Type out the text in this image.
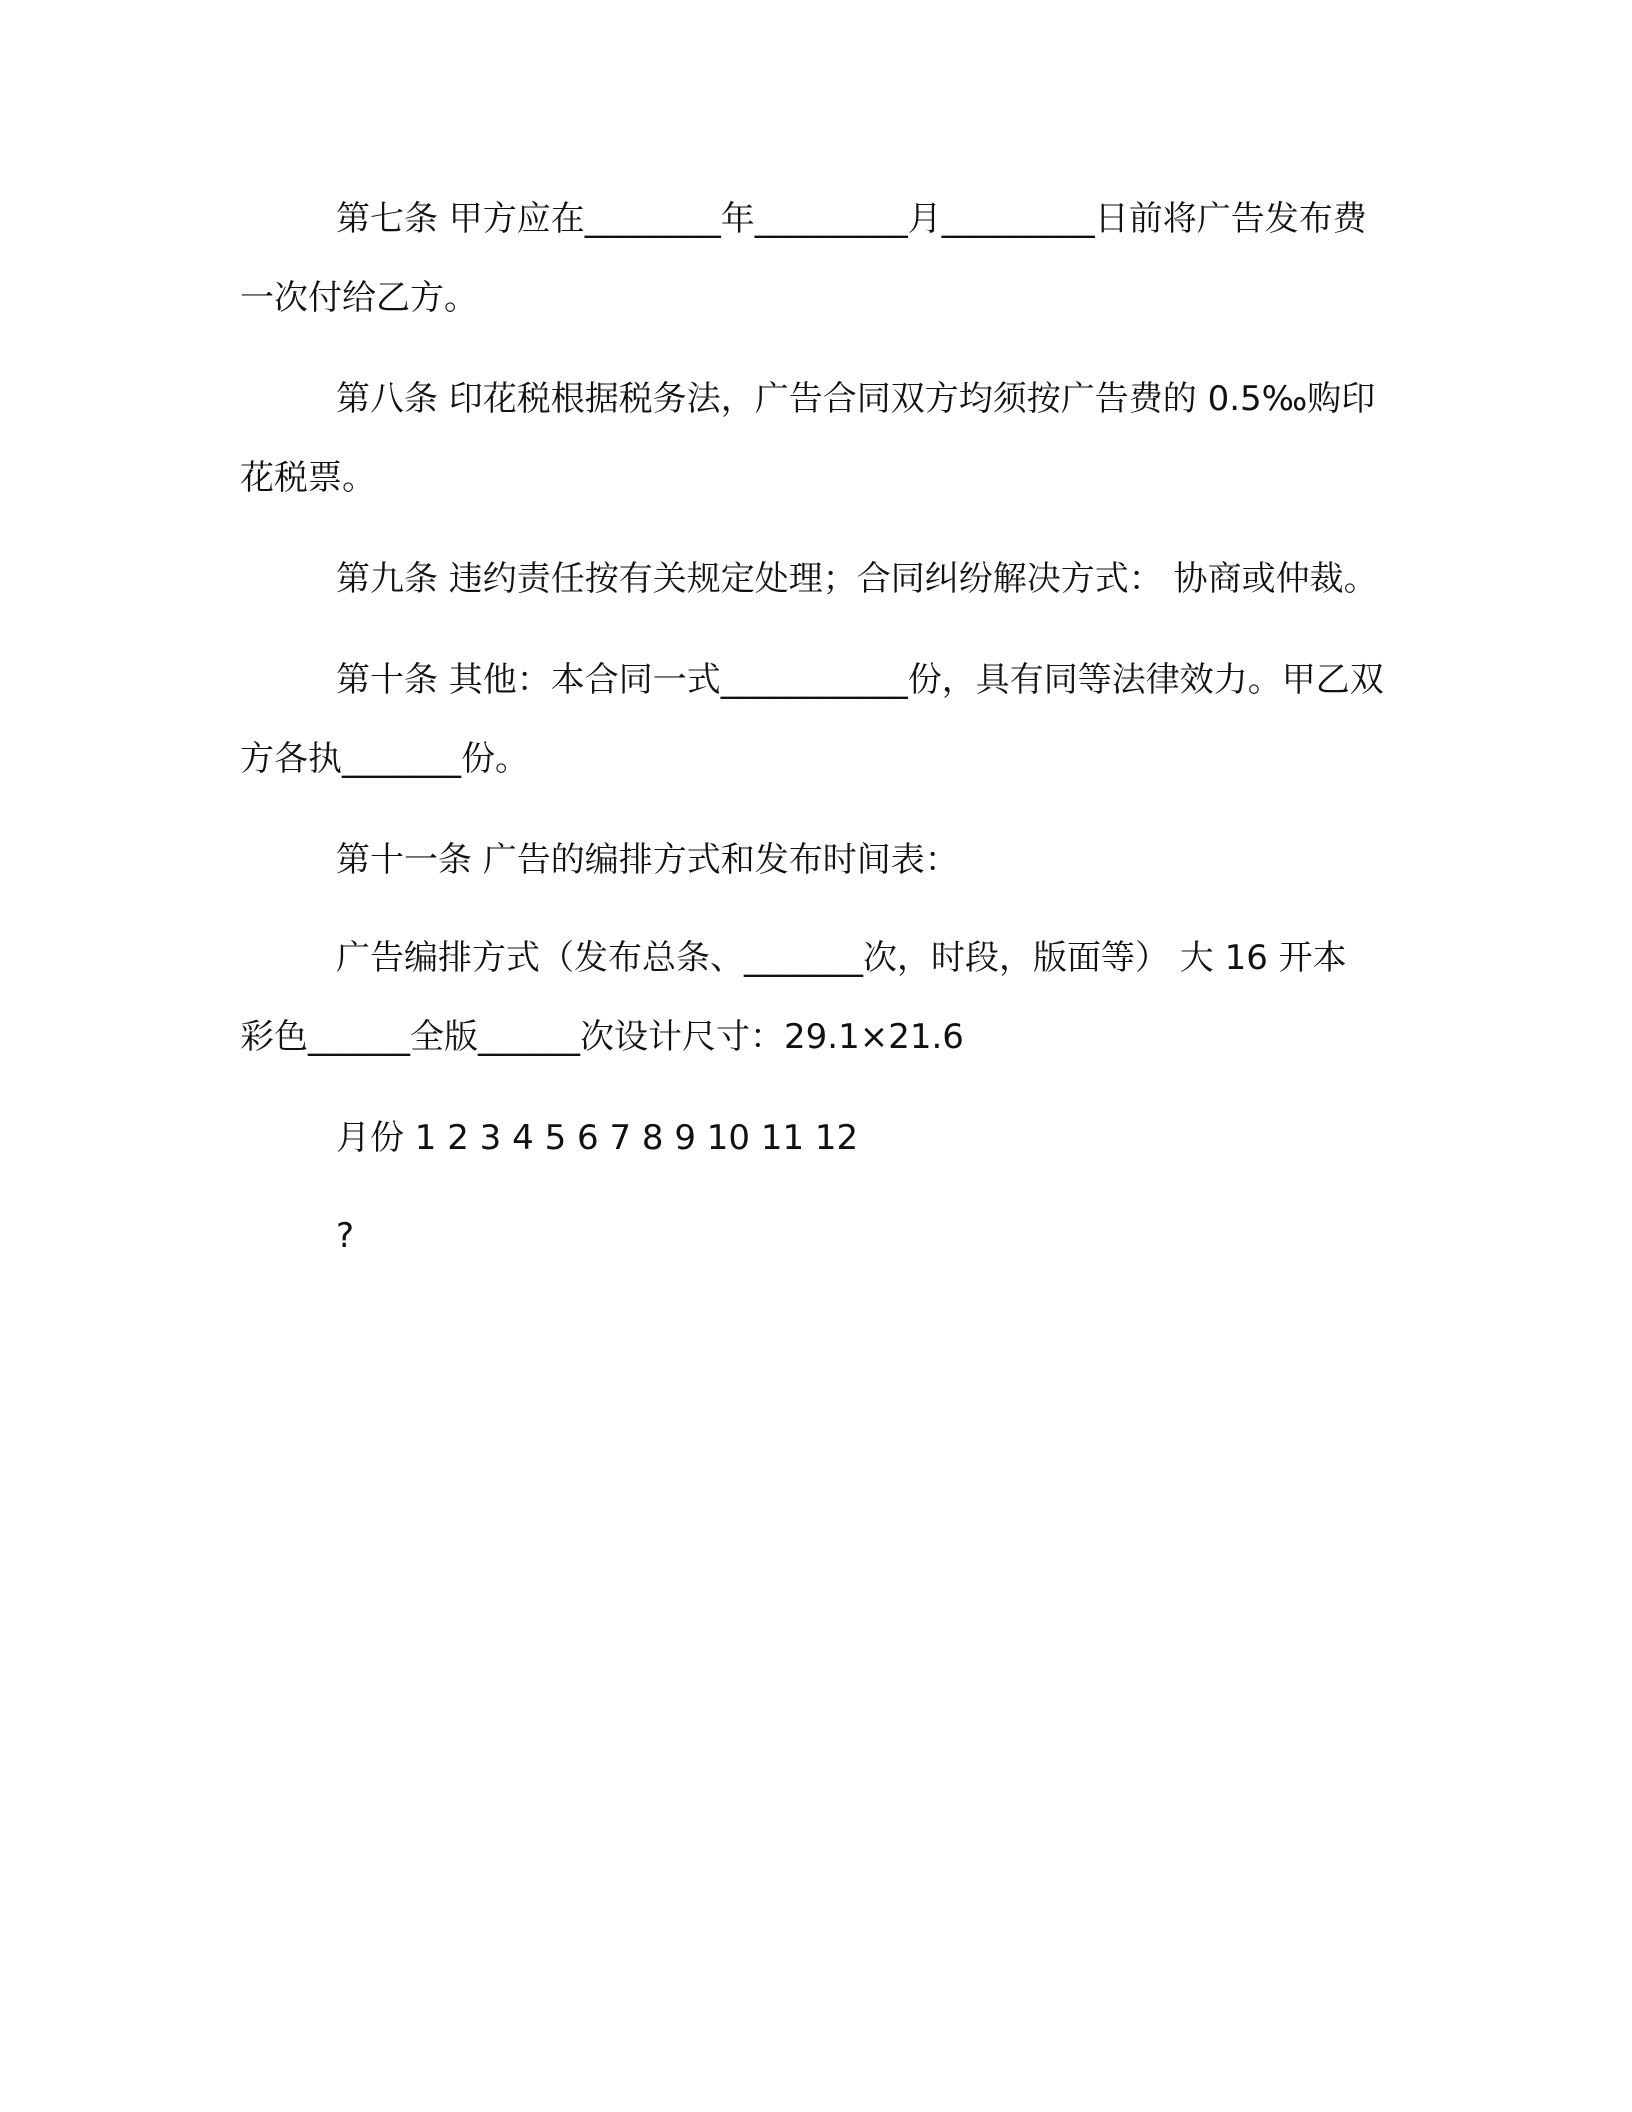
第七条 甲方应在________年_________月_________日前将广告发布费一次付给乙方。

第八条 印花税根据税务法，广告合同双方均须按广告费的 0.5‰购印花税票。

第九条 违约责任按有关规定处理；合同纠纷解决方式： 协商或仲裁。

第十条 其他：本合同一式___________份，具有同等法律效力。甲乙双方各执_______份。

第十一条 广告的编排方式和发布时间表：

广告编排方式（发布总条、_______次，时段，版面等） 大 16 开本 彩色______全版______次设计尺寸：29.1×21.6

月份 1 2 3 4 5 6 7 8 9 10 11 12

?
